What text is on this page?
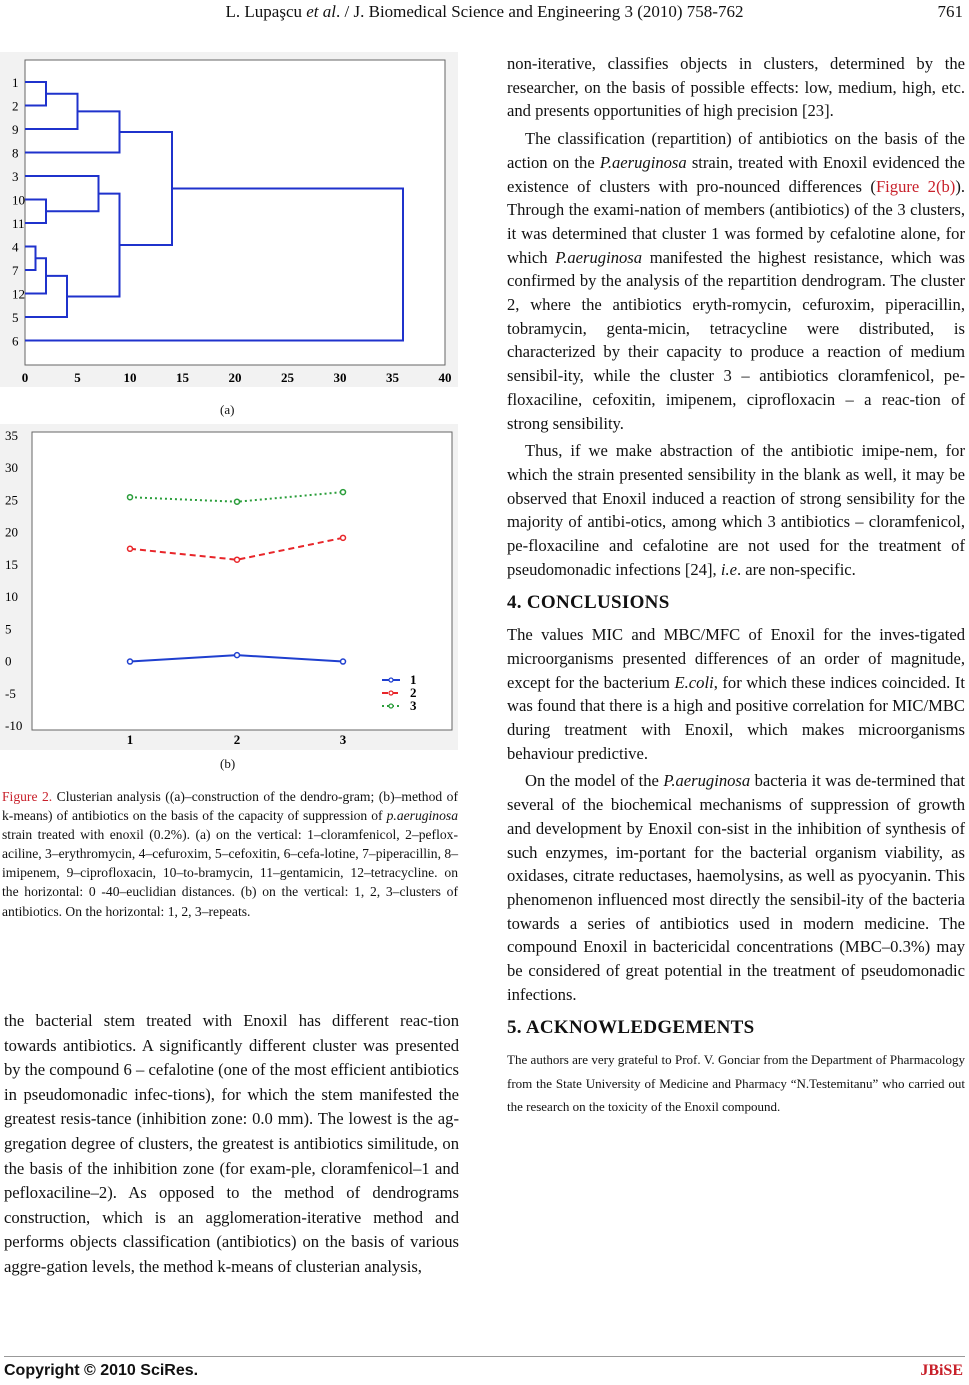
L. Lupaşcu et al. / J. Biomedical Science and Engineering 3 (2010) 758-762	761
1
2
9
8
3
10
11
4
7
12
5
6
0	5	10	15	20	25	30	35	40
(a)
35
30
25
20
15
10
5
0
-5
-10
1	2	3
1
2
3
(b)
Figure 2. Clusterian analysis ((a)–construction of the dendro-gram; (b)–method of k-means) of antibiotics on the basis of the capacity of suppression of p.aeruginosa strain treated with enoxil (0.2%). (a) on the vertical: 1–cloramfenicol, 2–peflox-aciline, 3–erythromycin, 4–cefuroxim, 5–cefoxitin, 6–cefa-lotine, 7–piperacillin, 8–imipenem, 9–ciprofloxacin, 10–to-bramycin, 11–gentamicin, 12–tetracycline. on the horizontal: 0 -40–euclidian distances. (b) on the vertical: 1, 2, 3–clusters of antibiotics. On the horizontal: 1, 2, 3–repeats.

the bacterial stem treated with Enoxil has different reac-tion towards antibiotics. A significantly different cluster was presented by the compound 6 – cefalotine (one of the most efficient antibiotics in pseudomonadic infec-tions), for which the stem manifested the greatest resis-tance (inhibition zone: 0.0 mm). The lowest is the ag-gregation degree of clusters, the greatest is antibiotics similitude, on the basis of the inhibition zone (for exam-ple, cloramfenicol–1 and pefloxaciline–2). As opposed to the method of dendrograms construction, which is an agglomeration-iterative method and performs objects classification (antibiotics) on the basis of various aggre-gation levels, the method k-means of clusterian analysis,

non-iterative, classifies objects in clusters, determined by the researcher, on the basis of possible effects: low, medium, high, etc. and presents opportunities of high precision [23].

The classification (repartition) of antibiotics on the basis of the action on the P.aeruginosa strain, treated with Enoxil evidenced the existence of clusters with pro-nounced differences (Figure 2(b)). Through the exami-nation of members (antibiotics) of the 3 clusters, it was determined that cluster 1 was formed by cefalotine alone, for which P.aeruginosa manifested the highest resistance, which was confirmed by the analysis of the repartition dendrogram. The cluster 2, where the antibiotics eryth-romycin, cefuroxim, piperacillin, tobramycin, genta-micin, tetracycline were distributed, is characterized by their capacity to produce a reaction of medium sensibil-ity, while the cluster 3 – antibiotics cloramfenicol, pe-floxaciline, cefoxitin, imipenem, ciprofloxacin – a reac-tion of strong sensibility.

Thus, if we make abstraction of the antibiotic imipe-nem, for which the strain presented sensibility in the blank as well, it may be observed that Enoxil induced a reaction of strong sensibility for the majority of antibi-otics, among which 3 antibiotics – cloramfenicol, pe-floxaciline and cefalotine are not used for the treatment of pseudomonadic infections [24], i.e. are non-specific.

4. CONCLUSIONS

The values MIC and MBC/MFC of Enoxil for the inves-tigated microorganisms presented differences of an order of magnitude, except for the bacterium E.coli, for which these indices coincided. It was found that there is a high and positive correlation for MIC/MBC during treatment with Enoxil, which makes microorganisms behaviour predictive.

On the model of the P.aeruginosa bacteria it was de-termined that several of the biochemical mechanisms of suppression of growth and development by Enoxil con-sist in the inhibition of synthesis of such enzymes, im-portant for the bacterial organism viability, as oxidases, citrate reductases, haemolysins, as well as pyocyanin. This phenomenon influenced most directly the sensibil-ity of the bacteria towards a series of antibiotics used in modern medicine. The compound Enoxil in bactericidal concentrations (MBC–0.3%) may be considered of great potential in the treatment of pseudomonadic infections.

5. ACKNOWLEDGEMENTS

The authors are very grateful to Prof. V. Gonciar from the Department of Pharmacology from the State University of Medicine and Pharmacy “N.Testemitanu” who carried out the research on the toxicity of the Enoxil compound.

Copyright © 2010 SciRes.	JBiSE
